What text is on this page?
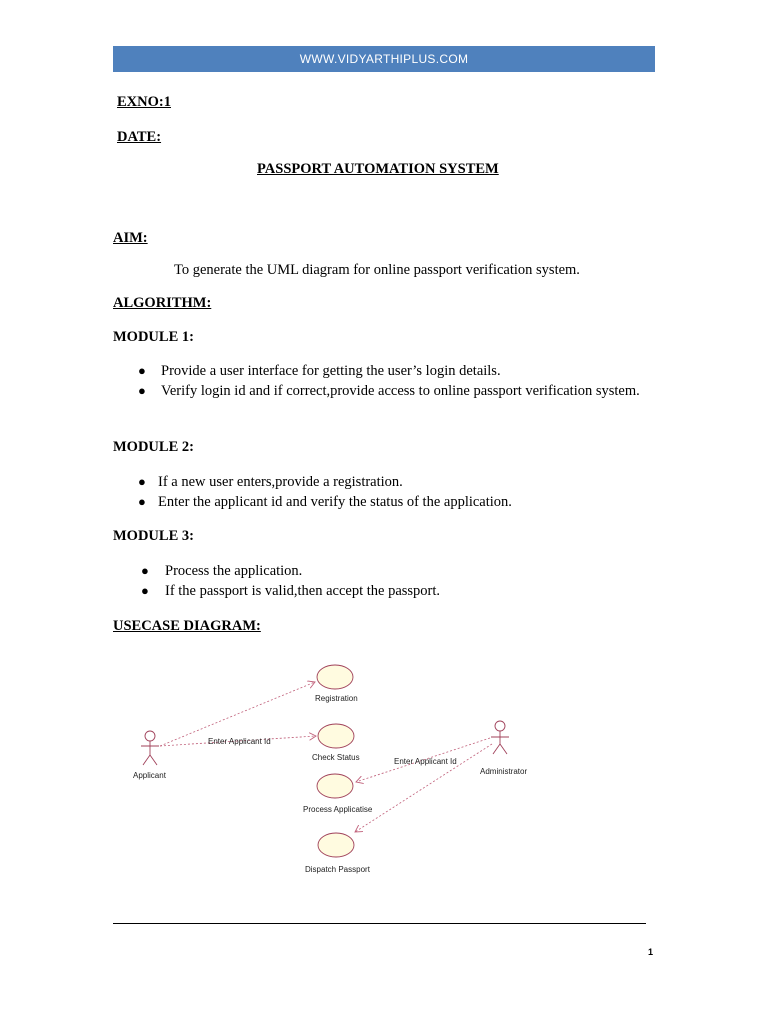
WWW.VIDYARTHIPLUS.COM
EXNO:1
DATE:
PASSPORT AUTOMATION SYSTEM
AIM:
To generate the UML diagram for online passport verification system.
ALGORITHM:
MODULE 1:
● Provide a user interface for getting the user’s login details.
● Verify login id and if correct,provide access to online passport verification system.
MODULE 2:
● If a new user enters,provide a registration.
● Enter the applicant id and verify the status of the application.
MODULE 3:
● Process the application.
● If the passport is valid,then accept the passport.
USECASE DIAGRAM:
Applicant	Administrator
Registration
Check Status
Process Applicatise
Dispatch Passport
Enter Applicant Id
Enter Applicant Id
1
